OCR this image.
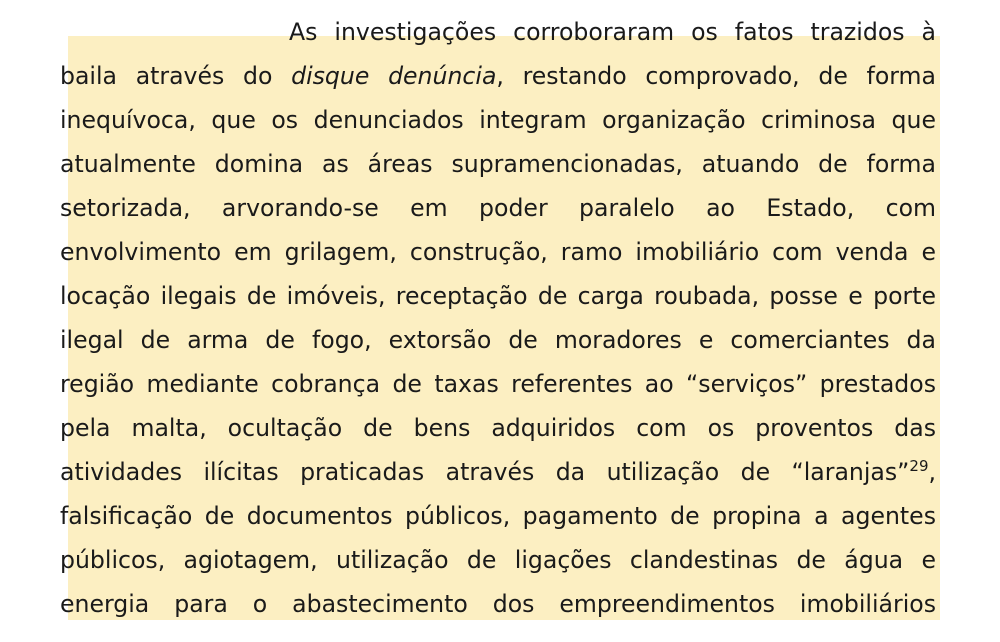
As investigações corroboraram os fatos trazidos à
baila através do disque denúncia, restando comprovado, de forma
inequívoca, que os denunciados integram organização criminosa que
atualmente domina as áreas supramencionadas, atuando de forma
setorizada, arvorando-se em poder paralelo ao Estado, com
envolvimento em grilagem, construção, ramo imobiliário com venda e
locação ilegais de imóveis, receptação de carga roubada, posse e porte
ilegal de arma de fogo, extorsão de moradores e comerciantes da
região mediante cobrança de taxas referentes ao “serviços” prestados
pela malta, ocultação de bens adquiridos com os proventos das
atividades ilícitas praticadas através da utilização de “laranjas”$^{29}$,
falsificação de documentos públicos, pagamento de propina a agentes
públicos, agiotagem, utilização de ligações clandestinas de água e
energia para o abastecimento dos empreendimentos imobiliários
